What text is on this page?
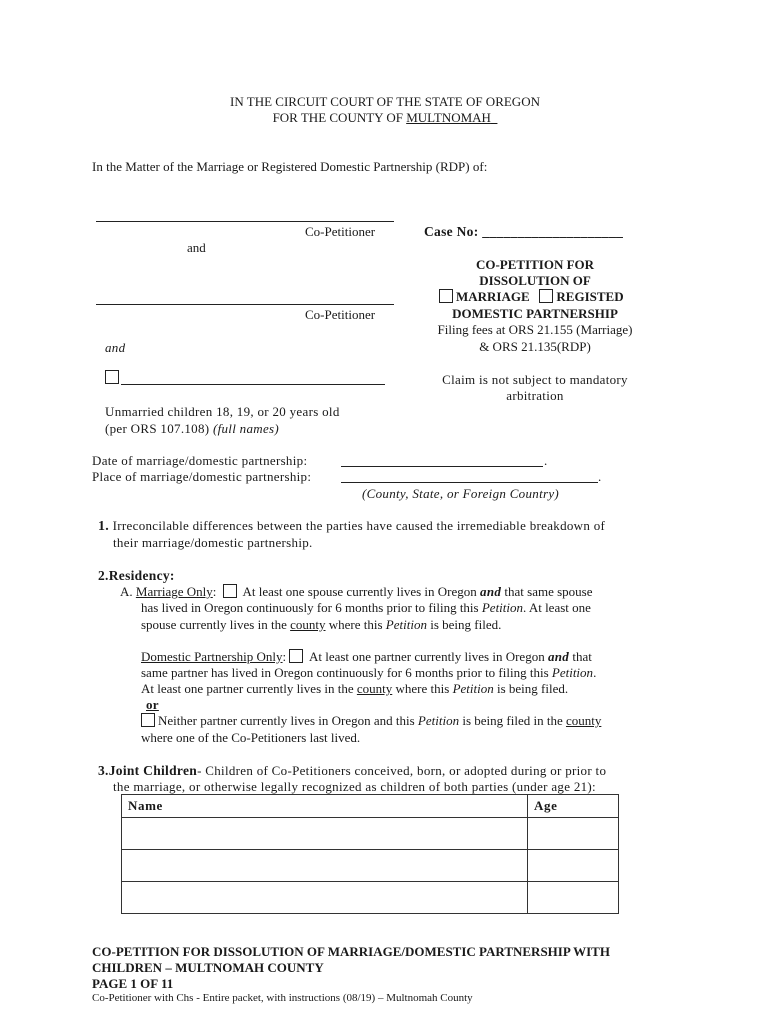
IN THE CIRCUIT COURT OF THE STATE OF OREGON
FOR THE COUNTY OF MULTNOMAH
In the Matter of the Marriage or Registered Domestic Partnership (RDP) of:
Co-Petitioner
and
Co-Petitioner
and
Unmarried children 18, 19, or 20 years old
(per ORS 107.108) (full names)
Case No: ____________________
CO-PETITION FOR
DISSOLUTION OF
MARRIAGE REGISTED
DOMESTIC PARTNERSHIP
Filing fees at ORS 21.155 (Marriage)
& ORS 21.135(RDP)
Claim is not subject to mandatory
arbitration
Date of marriage/domestic partnership:	.
Place of marriage/domestic partnership:	.
(County, State, or Foreign Country)
1. Irreconcilable differences between the parties have caused the irremediable breakdown of
their marriage/domestic partnership.
2.Residency:
A. Marriage Only:   At least one spouse currently lives in Oregon and that same spouse
has lived in Oregon continuously for 6 months prior to filing this Petition. At least one
spouse currently lives in the county where this Petition is being filed.
Domestic Partnership Only:  At least one partner currently lives in Oregon and that
same partner has lived in Oregon continuously for 6 months prior to filing this Petition.
At least one partner currently lives in the county where this Petition is being filed.
or
Neither partner currently lives in Oregon and this Petition is being filed in the county
where one of the Co-Petitioners last lived.
3.Joint Children- Children of Co-Petitioners conceived, born, or adopted during or prior to
the marriage, or otherwise legally recognized as children of both parties (under age 21):
Name	Age

CO-PETITION FOR DISSOLUTION OF MARRIAGE/DOMESTIC PARTNERSHIP WITH
CHILDREN – MULTNOMAH COUNTY
PAGE 1 OF 11
Co-Petitioner with Chs - Entire packet, with instructions (08/19) – Multnomah County
